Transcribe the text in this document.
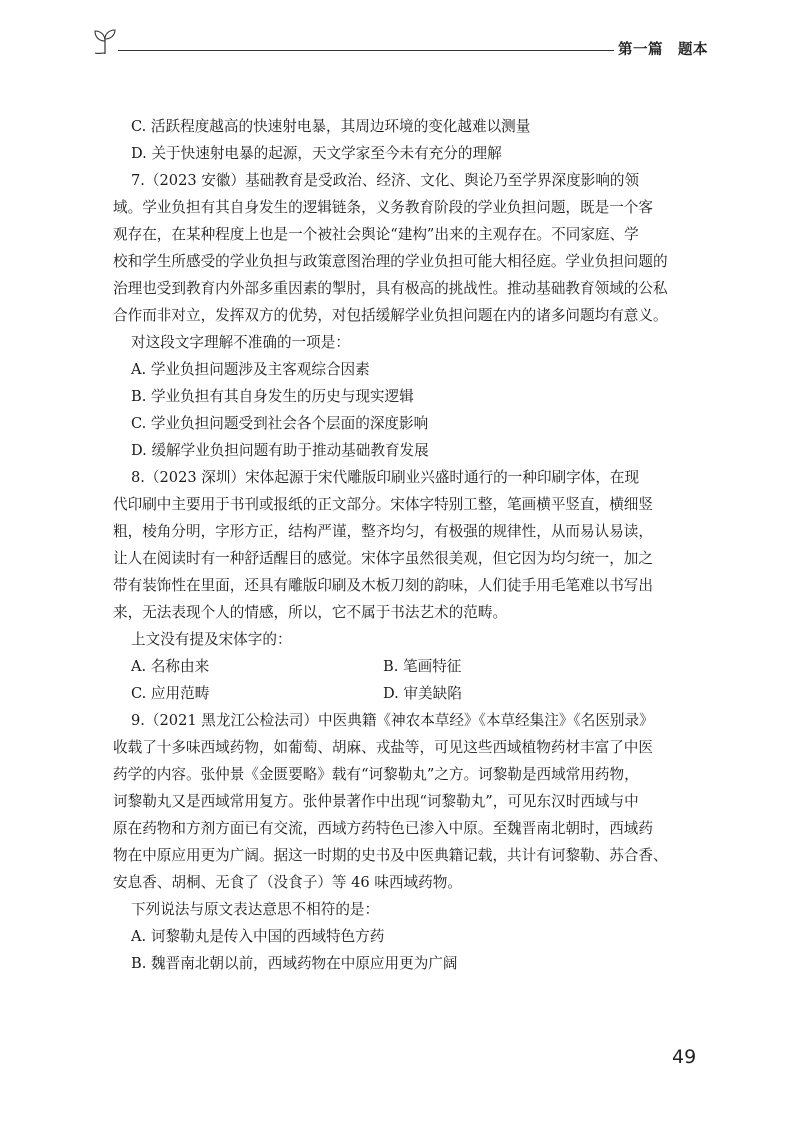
第一篇　题本
C. 活跃程度越高的快速射电暴，其周边环境的变化越难以测量
D. 关于快速射电暴的起源，天文学家至今未有充分的理解
7.（2023 安徽）基础教育是受政治、经济、文化、舆论乃至学界深度影响的领
域。学业负担有其自身发生的逻辑链条，义务教育阶段的学业负担问题，既是一个客
观存在，在某种程度上也是一个被社会舆论“建构”出来的主观存在。不同家庭、学
校和学生所感受的学业负担与政策意图治理的学业负担可能大相径庭。学业负担问题的
治理也受到教育内外部多重因素的掣肘，具有极高的挑战性。推动基础教育领域的公私
合作而非对立，发挥双方的优势，对包括缓解学业负担问题在内的诸多问题均有意义。
对这段文字理解不准确的一项是：
A. 学业负担问题涉及主客观综合因素
B. 学业负担有其自身发生的历史与现实逻辑
C. 学业负担问题受到社会各个层面的深度影响
D. 缓解学业负担问题有助于推动基础教育发展
8.（2023 深圳）宋体起源于宋代雕版印刷业兴盛时通行的一种印刷字体，在现
代印刷中主要用于书刊或报纸的正文部分。宋体字特别工整，笔画横平竖直，横细竖
粗，棱角分明，字形方正，结构严谨，整齐均匀，有极强的规律性，从而易认易读，
让人在阅读时有一种舒适醒目的感觉。宋体字虽然很美观，但它因为均匀统一，加之
带有装饰性在里面，还具有雕版印刷及木板刀刻的韵味，人们徒手用毛笔难以书写出
来，无法表现个人的情感，所以，它不属于书法艺术的范畴。
上文没有提及宋体字的：
A. 名称由来	B. 笔画特征
C. 应用范畴	D. 审美缺陷
9.（2021 黑龙江公检法司）中医典籍《神农本草经》《本草经集注》《名医别录》
收载了十多味西域药物，如葡萄、胡麻、戎盐等，可见这些西域植物药材丰富了中医
药学的内容。张仲景《金匮要略》载有“诃黎勒丸”之方。诃黎勒是西域常用药物，
诃黎勒丸又是西域常用复方。张仲景著作中出现“诃黎勒丸”，可见东汉时西域与中
原在药物和方剂方面已有交流，西域方药特色已渗入中原。至魏晋南北朝时，西域药
物在中原应用更为广阔。据这一时期的史书及中医典籍记载，共计有诃黎勒、苏合香、
安息香、胡桐、无食了（没食子）等 46 味西域药物。
下列说法与原文表达意思不相符的是：
A. 诃黎勒丸是传入中国的西域特色方药
B. 魏晋南北朝以前，西域药物在中原应用更为广阔
49
